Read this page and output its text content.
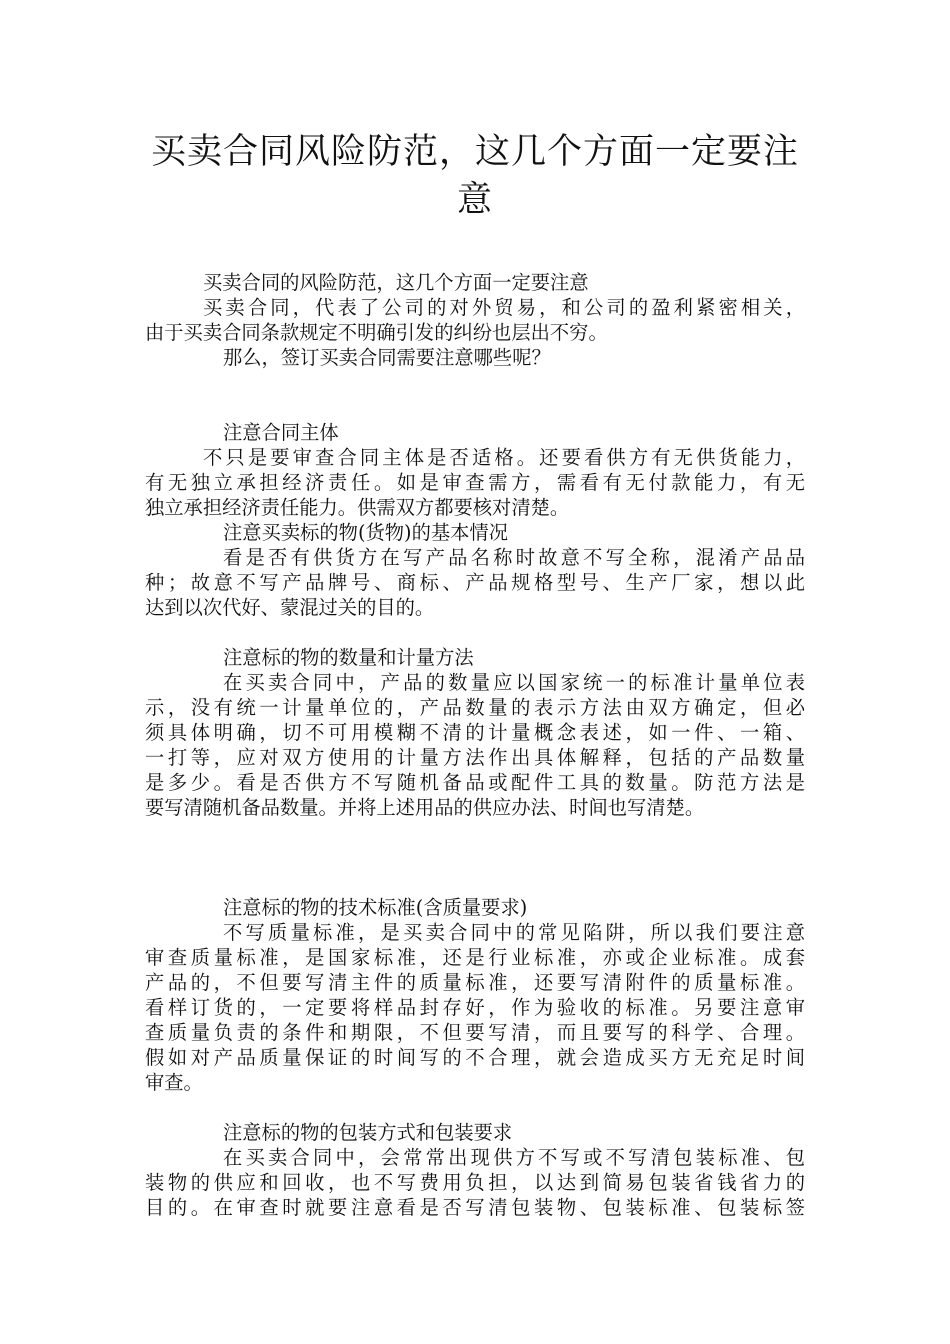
买卖合同风险防范，这几个方面一定要注
意
买卖合同的风险防范，这几个方面一定要注意
买卖合同，代表了公司的对外贸易，和公司的盈利紧密相关，
由于买卖合同条款规定不明确引发的纠纷也层出不穷。
那么，签订买卖合同需要注意哪些呢？
注意合同主体
不只是要审查合同主体是否适格。还要看供方有无供货能力，
有无独立承担经济责任。如是审查需方，需看有无付款能力，有无
独立承担经济责任能力。供需双方都要核对清楚。
注意买卖标的物(货物)的基本情况
看是否有供货方在写产品名称时故意不写全称，混淆产品品
种；故意不写产品牌号、商标、产品规格型号、生产厂家，想以此
达到以次代好、蒙混过关的目的。
注意标的物的数量和计量方法
在买卖合同中，产品的数量应以国家统一的标准计量单位表
示，没有统一计量单位的，产品数量的表示方法由双方确定，但必
须具体明确，切不可用模糊不清的计量概念表述，如一件、一箱、
一打等，应对双方使用的计量方法作出具体解释，包括的产品数量
是多少。看是否供方不写随机备品或配件工具的数量。防范方法是
要写清随机备品数量。并将上述用品的供应办法、时间也写清楚。
注意标的物的技术标准(含质量要求)
不写质量标准，是买卖合同中的常见陷阱，所以我们要注意
审查质量标准，是国家标准，还是行业标准，亦或企业标准。成套
产品的，不但要写清主件的质量标准，还要写清附件的质量标准。
看样订货的，一定要将样品封存好，作为验收的标准。另要注意审
查质量负责的条件和期限，不但要写清，而且要写的科学、合理。
假如对产品质量保证的时间写的不合理，就会造成买方无充足时间
审查。
注意标的物的包装方式和包装要求
在买卖合同中，会常常出现供方不写或不写清包装标准、包
装物的供应和回收，也不写费用负担，以达到简易包装省钱省力的
目的。在审查时就要注意看是否写清包装物、包装标准、包装标签
